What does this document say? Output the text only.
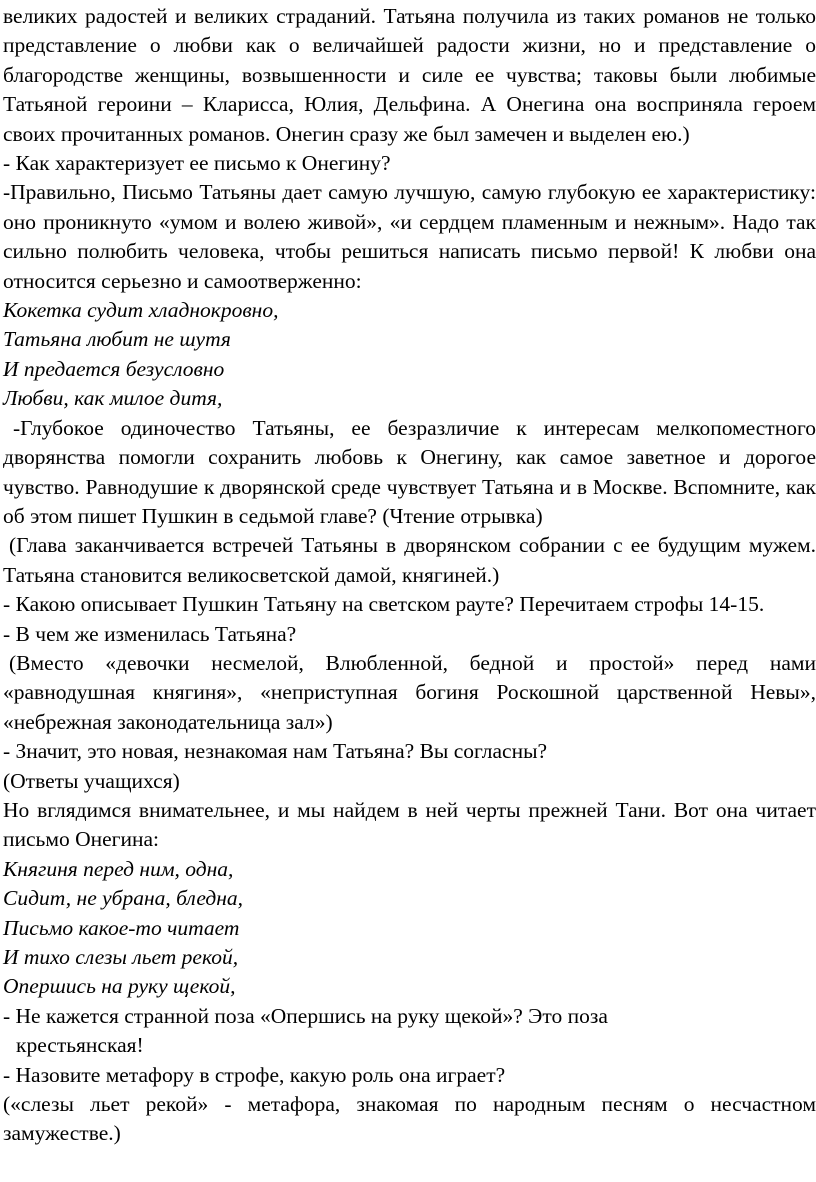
великих радостей и великих страданий. Татьяна получила из таких романов не только представление о любви как о величайшей радости жизни, но и представление о благородстве женщины, возвышенности и силе ее чувства; таковы были любимые Татьяной героини – Кларисса, Юлия, Дельфина. А Онегина она восприняла героем своих прочитанных романов. Онегин сразу же был замечен и выделен ею.)

- Как характеризует ее письмо к Онегину?

-Правильно, Письмо Татьяны дает самую лучшую, самую глубокую ее характеристику: оно проникнуто «умом и волею живой», «и сердцем пламенным и нежным». Надо так сильно полюбить человека, чтобы решиться написать письмо первой! К любви она относится серьезно и самоотверженно:

Кокетка судит хладнокровно,

Татьяна любит не шутя

И предается безусловно

Любви, как милое дитя,

-Глубокое одиночество Татьяны, ее безразличие к интересам мелкопоместного дворянства помогли сохранить любовь к Онегину, как самое заветное и дорогое чувство. Равнодушие к дворянской среде чувствует Татьяна и в Москве. Вспомните, как об этом пишет Пушкин в седьмой главе? (Чтение отрывка)

(Глава заканчивается встречей Татьяны в дворянском собрании с ее будущим мужем. Татьяна становится великосветской дамой, княгиней.)

- Какою описывает Пушкин Татьяну на светском рауте? Перечитаем строфы 14-15.

- В чем же изменилась Татьяна?

(Вместо «девочки несмелой, Влюбленной, бедной и простой» перед нами «равнодушная княгиня», «неприступная богиня Роскошной царственной Невы», «небрежная законодательница зал»)

- Значит, это новая, незнакомая нам Татьяна? Вы согласны?

(Ответы учащихся)

Но вглядимся внимательнее, и мы найдем в ней черты прежней Тани. Вот она читает письмо Онегина:

Княгиня перед ним, одна,

Сидит, не убрана, бледна,

Письмо какое-то читает

И тихо слезы льет рекой,

Опершись на руку щекой,

- Не кажется странной поза «Опершись на руку щекой»? Это поза

крестьянская!

- Назовите метафору в строфе, какую роль она играет?

(«слезы льет рекой» - метафора, знакомая по народным песням о несчастном замужестве.)
